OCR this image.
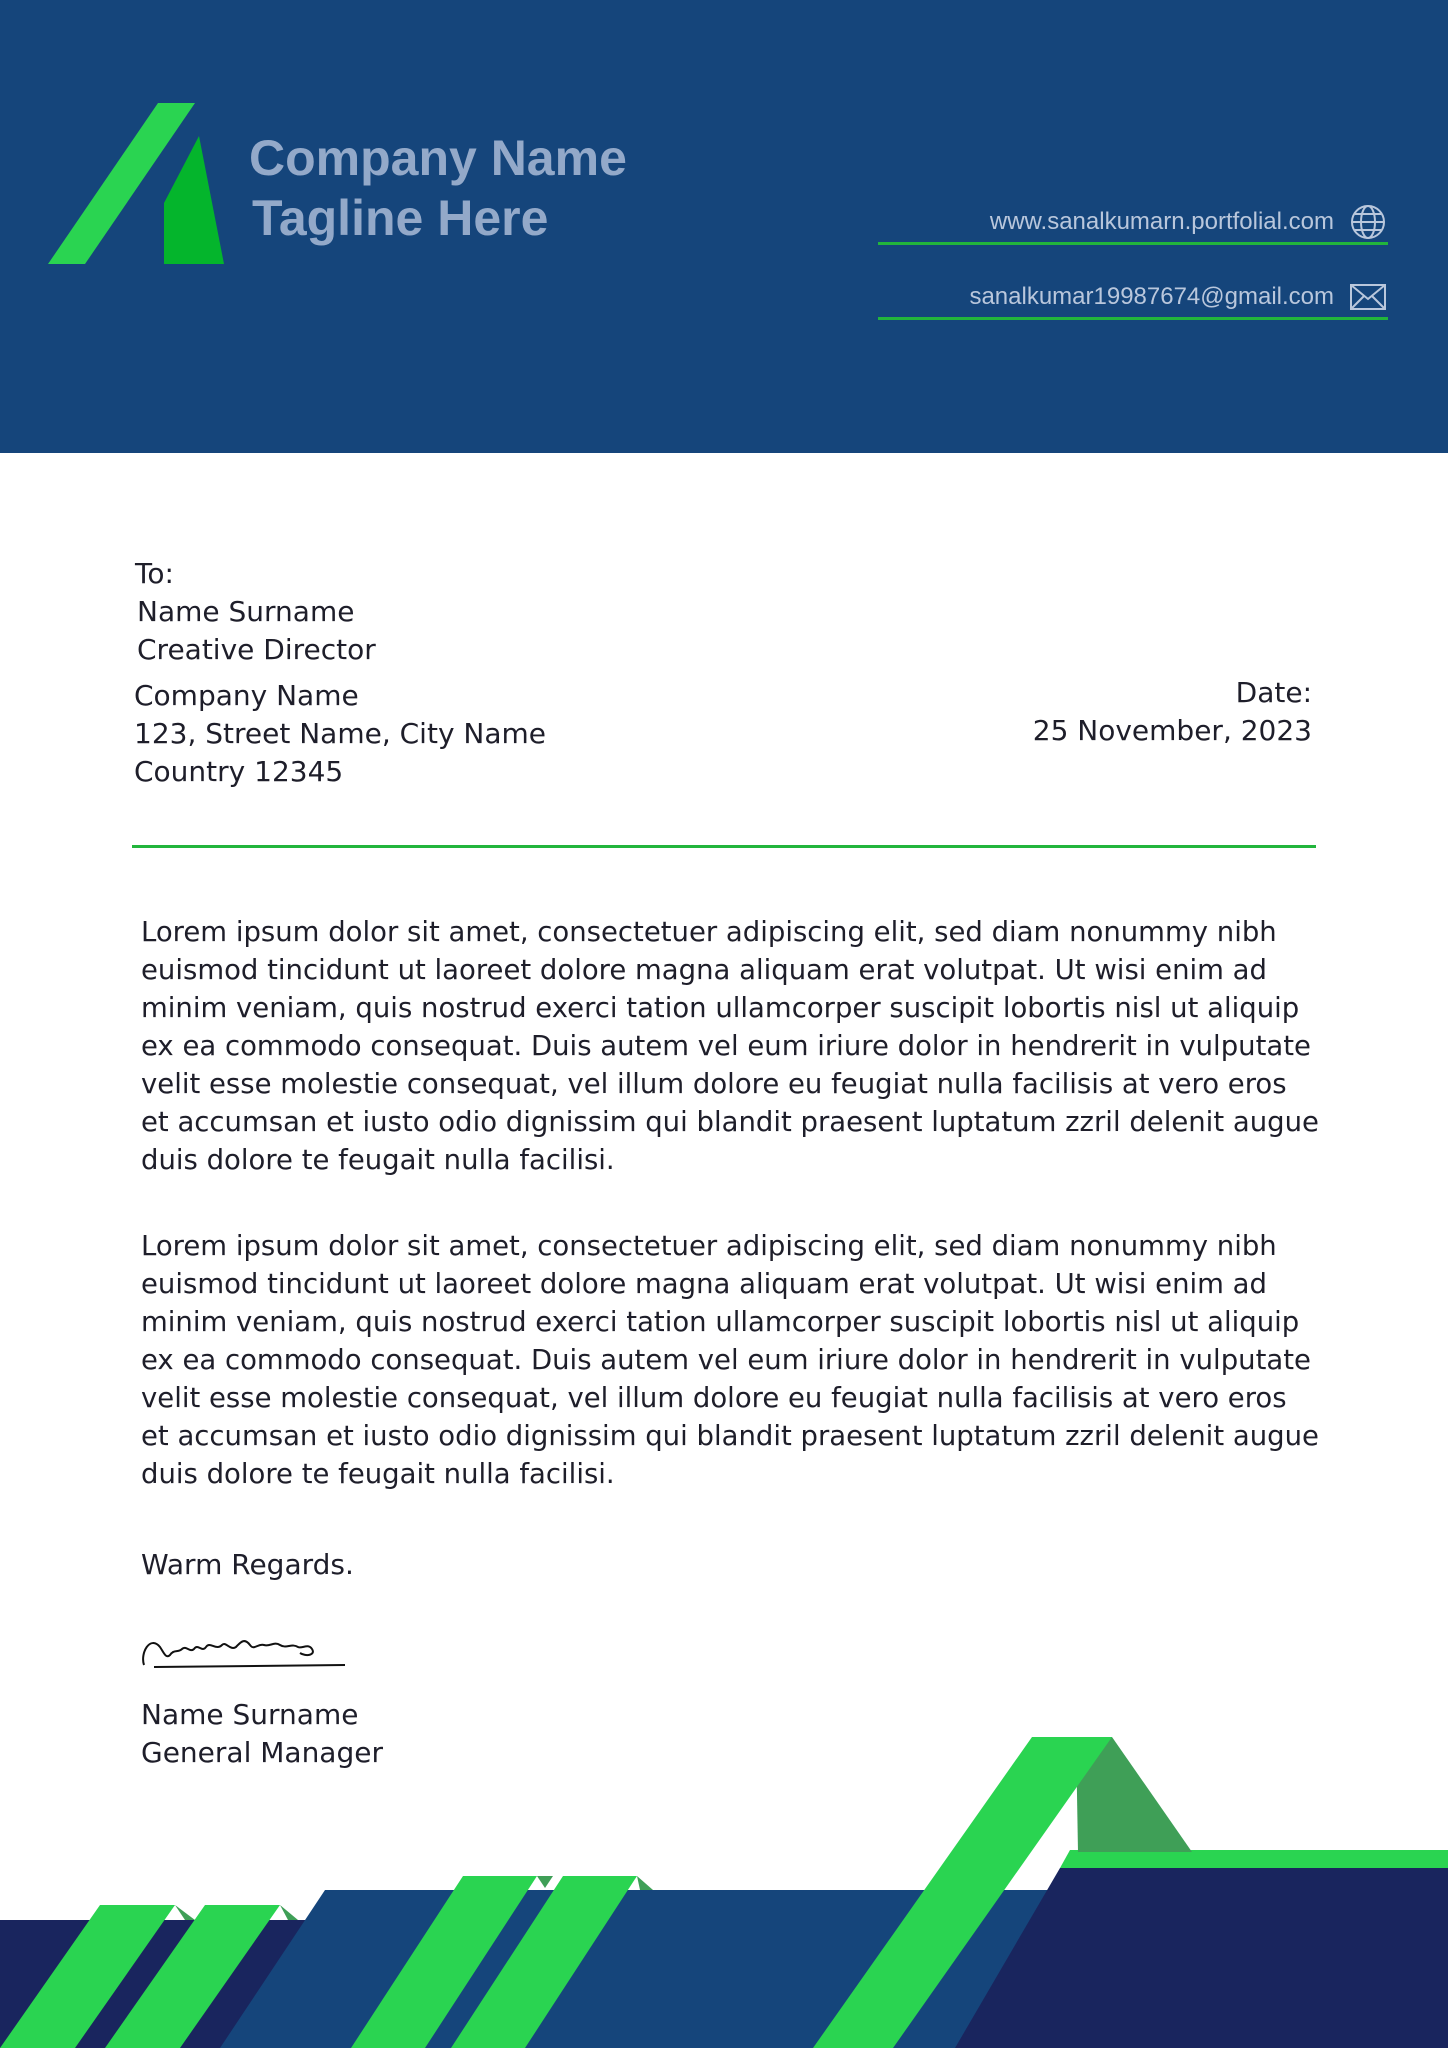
Company Name
Tagline Here	www.sanalkumarn.portfolial.com
sanalkumar19987674@gmail.com
To:
Name Surname
Creative Director
Company Name
123, Street Name, City Name
Country 12345
Date:
25 November, 2023

Lorem ipsum dolor sit amet, consectetuer adipiscing elit, sed diam nonummy nibh euismod tincidunt ut laoreet dolore magna aliquam erat volutpat. Ut wisi enim ad minim veniam, quis nostrud exerci tation ullamcorper suscipit lobortis nisl ut aliquip ex ea commodo consequat. Duis autem vel eum iriure dolor in hendrerit in vulputate velit esse molestie consequat, vel illum dolore eu feugiat nulla facilisis at vero eros et accumsan et iusto odio dignissim qui blandit praesent luptatum zzril delenit augue duis dolore te feugait nulla facilisi.

Lorem ipsum dolor sit amet, consectetuer adipiscing elit, sed diam nonummy nibh euismod tincidunt ut laoreet dolore magna aliquam erat volutpat. Ut wisi enim ad minim veniam, quis nostrud exerci tation ullamcorper suscipit lobortis nisl ut aliquip ex ea commodo consequat. Duis autem vel eum iriure dolor in hendrerit in vulputate velit esse molestie consequat, vel illum dolore eu feugiat nulla facilisis at vero eros et accumsan et iusto odio dignissim qui blandit praesent luptatum zzril delenit augue duis dolore te feugait nulla facilisi.

Warm Regards.
Name Surname
General Manager
